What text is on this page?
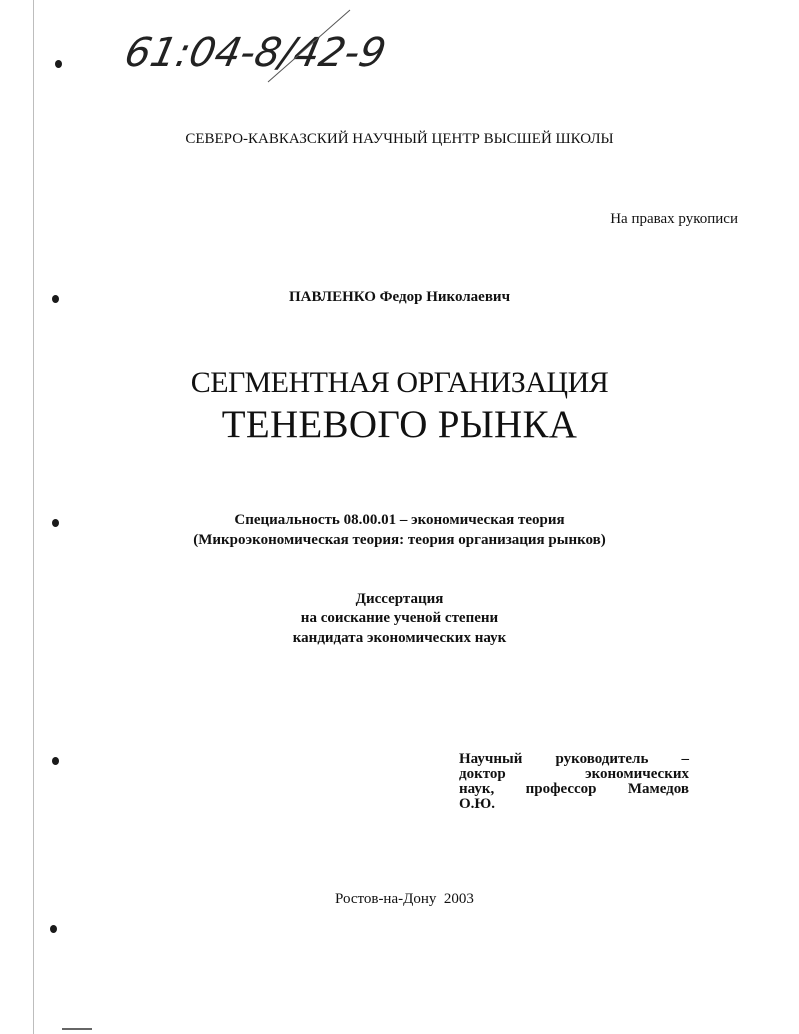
61:04-8/42-9
СЕВЕРО-КАВКАЗСКИЙ НАУЧНЫЙ ЦЕНТР ВЫСШЕЙ ШКОЛЫ
На правах рукописи
ПАВЛЕНКО Федор Николаевич
СЕГМЕНТНАЯ ОРГАНИЗАЦИЯ
ТЕНЕВОГО РЫНКА
Специальность 08.00.01 – экономическая теория
(Микроэкономическая теория: теория организация рынков)
Диссертация
на соискание ученой степени
кандидата экономических наук
Научный руководитель –
доктор	экономических
наук, профессор Мамедов
О.Ю.
Ростов-на-Дону 2003
